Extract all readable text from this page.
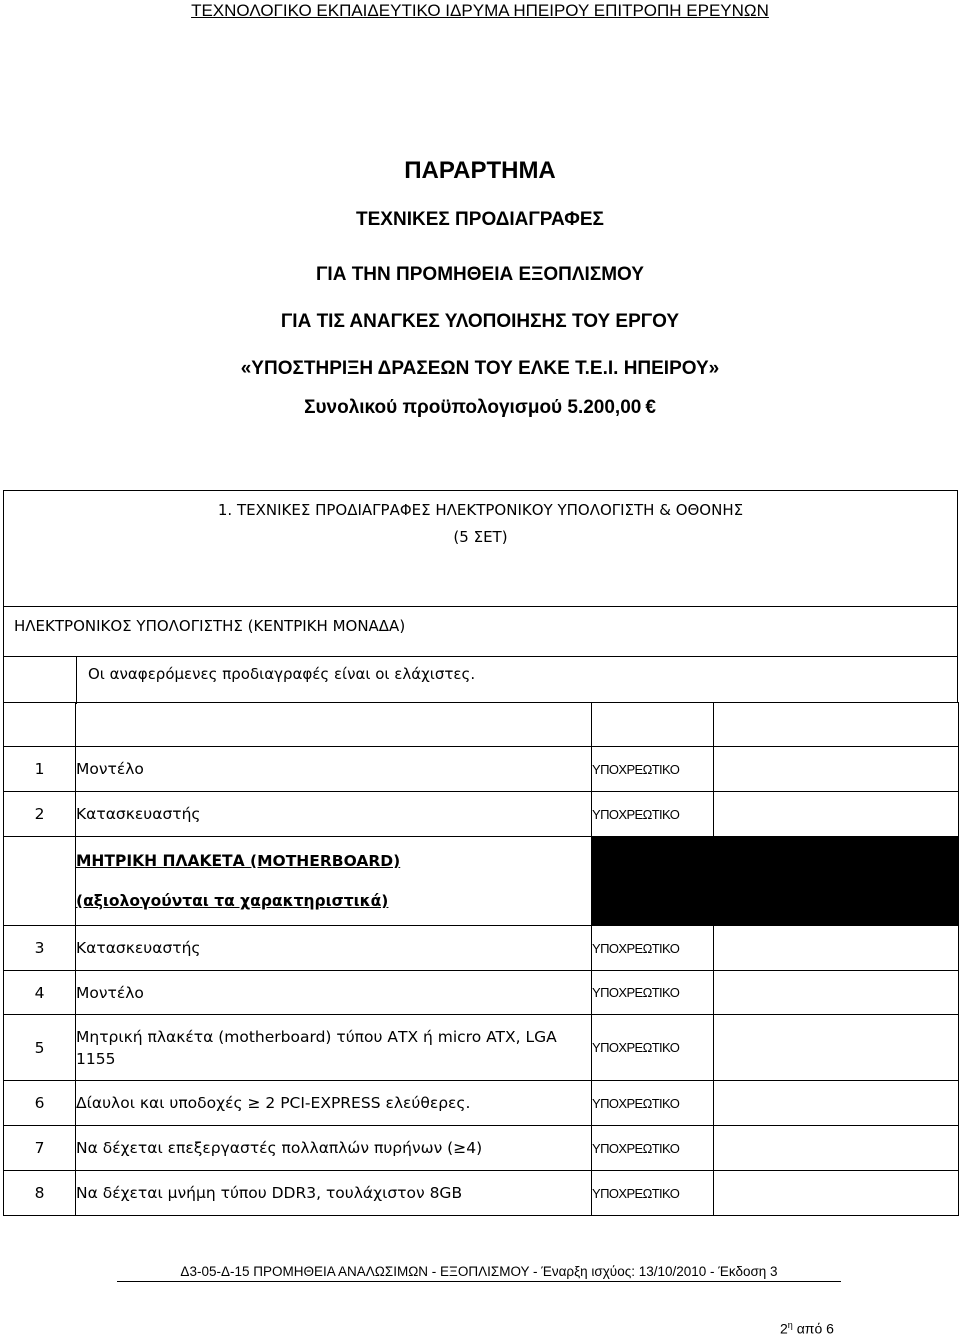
ΤΕΧΝΟΛΟΓΙΚΟ ΕΚΠΑΙΔΕΥΤΙΚΟ ΙΔΡΥΜΑ ΗΠΕΙΡΟΥ ΕΠΙΤΡΟΠΗ ΕΡΕΥΝΩΝ
ΠΑΡΑΡΤΗΜΑ
ΤΕΧΝΙΚΕΣ ΠΡΟΔΙΑΓΡΑΦΕΣ
ΓΙΑ ΤΗΝ ΠΡΟΜΗΘΕΙΑ ΕΞΟΠΛΙΣΜΟΥ
ΓΙΑ ΤΙΣ ΑΝΑΓΚΕΣ ΥΛΟΠΟΙΗΣΗΣ ΤΟΥ ΕΡΓΟΥ
«ΥΠΟΣΤΗΡΙΞΗ ΔΡΑΣΕΩΝ ΤΟΥ ΕΛΚΕ Τ.Ε.Ι. ΗΠΕΙΡΟΥ»
Συνολικού προϋπολογισμού 5.200,00 €
1. ΤΕΧΝΙΚΕΣ ΠΡΟΔΙΑΓΡΑΦΕΣ ΗΛΕΚΤΡΟΝΙΚΟΥ ΥΠΟΛΟΓΙΣΤΗ & ΟΘΟΝΗΣ
(5 ΣΕΤ)
ΗΛΕΚΤΡΟΝΙΚΟΣ ΥΠΟΛΟΓΙΣΤΗΣ (ΚΕΝΤΡΙΚΗ ΜΟΝΑΔΑ)
Οι αναφερόμενες προδιαγραφές είναι οι ελάχιστες.

1	Μοντέλο	ΥΠΟΧΡΕΩΤΙΚΟ	
2	Κατασκευαστής	ΥΠΟΧΡΕΩΤΙΚΟ	

	ΜΗΤΡΙΚΗ ΠΛΑΚΕΤΑ (MOTHERBOARD)
(αξιολογούνται τα χαρακτηριστικά)		

3	Κατασκευαστής	ΥΠΟΧΡΕΩΤΙΚΟ	
4	Μοντέλο	ΥΠΟΧΡΕΩΤΙΚΟ	
5	Μητρική πλακέτα (motherboard) τύπου ΑΤΧ ή micro ATX, LGA 1155	ΥΠΟΧΡΕΩΤΙΚΟ	
6	Δίαυλοι και υποδοχές ≥ 2 PCI-EXPRESS ελεύθερες.	ΥΠΟΧΡΕΩΤΙΚΟ	
7	Να δέχεται επεξεργαστές πολλαπλών πυρήνων (≥4)	ΥΠΟΧΡΕΩΤΙΚΟ	
8	Να δέχεται μνήμη τύπου DDR3, τουλάχιστον 8GB	ΥΠΟΧΡΕΩΤΙΚΟ	
Δ3-05-Δ-15 ΠΡΟΜΗΘΕΙΑ ΑΝΑΛΩΣΙΜΩΝ - ΕΞΟΠΛΙΣΜΟΥ - Έναρξη ισχύος: 13/10/2010 - Έκδοση 3
$2^\eta$ από 6
